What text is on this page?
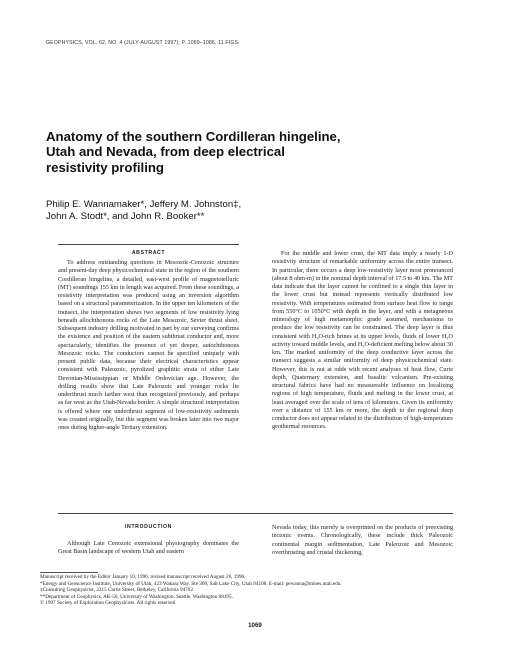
GEOPHYSICS, VOL. 62, NO. 4 (JULY-AUGUST 1997); P. 1069–1086, 11 FIGS.
Anatomy of the southern Cordilleran hingeline,
Utah and Nevada, from deep electrical
resistivity profiling
Philip E. Wannamaker*, Jeffery M. Johnston‡,
John A. Stodt*, and John R. Booker**
ABSTRACT

To address outstanding questions in Mesozoic-Cenozoic structure and present-day deep physicochemical state in the region of the southern Cordilleran hingeline, a detailed, east-west profile of magnetotelluric (MT) soundings 155 km in length was acquired. From these soundings, a resistivity interpretation was produced using an inversion algorithm based on a structural parameterization. In the upper ten kilometers of the transect, the interpretation shows two segments of low resistivity lying beneath allochthonous rocks of the Late Mesozoic, Sevier thrust sheet. Subsequent industry drilling motivated in part by our surveying confirms the existence and position of the eastern subthrust conductor and, more spectacularly, identifies the presence of yet deeper, autochthonous Mesozoic rocks. The conductors cannot be specified uniquely with present public data, because their electrical characteristics appear consistent with Paleozoic, pyrolized graphitic strata of either Late Devonian-Mississippian or Middle Ordovician age. However, the drilling results show that Late Paleozoic and younger rocks lie underthrust much farther west than recognized previously, and perhaps as far west as the Utah-Nevada border. A simple structural interpretation is offered where one underthrust segment of low-resistivity sediments was created originally, but this segment was broken later into two major ones during higher-angle Tertiary extension.

For the middle and lower crust, the MT data imply a nearly 1-D resistivity structure of remarkable uniformity across the entire transect. In particular, there occurs a deep low-resistivity layer most pronounced (about 8 ohm-m) in the nominal depth interval of 17.5 to 40 km. The MT data indicate that the layer cannot be confined to a single thin layer in the lower crust but instead represents vertically distributed low resistivity. With temperatures estimated from surface heat flow to range from 550°C to 1050°C with depth in the layer, and with a metagneous mineralogy of high metamorphic grade assumed, mechanisms to produce the low resistivity can be constrained. The deep layer is thus consistent with H₂O-rich brines at its upper levels, fluids of lower H₂O activity toward middle levels, and H₂O-deficient melting below about 30 km. The marked uniformity of the deep conductive layer across the transect suggests a similar uniformity of deep physicochemical state. However, this is not at odds with recent analyses of heat flow, Curie depth, Quaternary extension, and basaltic volcanism. Pre-existing structural fabrics have had no measureable influence on localizing regions of high temperature, fluids and melting in the lower crust, at least averaged over the scale of tens of kilometers. Given its uniformity over a distance of 155 km or more, the depth to the regional deep conductor does not appear related to the distribution of high-temperature geothermal resources.

INTRODUCTION

Although Late Cenozoic extensional physiography dominates the Great Basin landscape of western Utah and eastern

Nevada today, this merely is overprinted on the products of preexisting tectonic events. Chronologically, these include thick Paleozoic continental margin sedimentation, Late Paleozoic and Mesozoic overthrusting and crustal thickening,

Manuscript received by the Editor January 10, 1996; revised manuscript received August 26, 1996.
*Energy and Geoscience Institute, University of Utah, 423 Wakara Way, Ste 300, Salt Lake City, Utah 84108. E-mail: pewanna@mines.utah.edu.
‡Consulting Geophysicist, 2215 Curtis Street, Berkeley, California 94702.
**Department of Geophysics, AK-50, University of Washington, Seattle, Washington 98195.
© 1997 Society of Exploration Geophysicists. All rights reserved.
1069
